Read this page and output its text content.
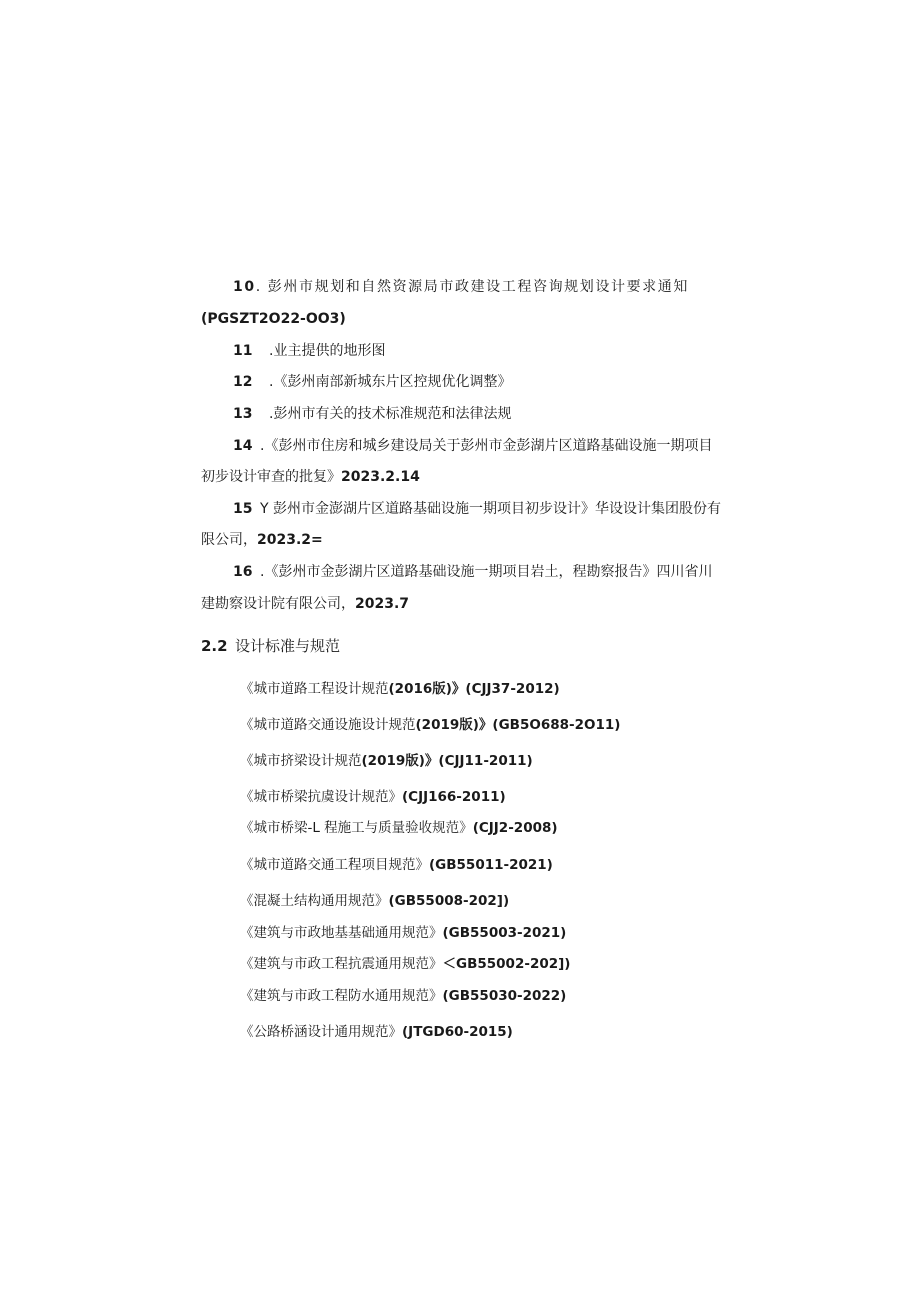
10. 彭州市规划和自然资源局市政建设工程咨询规划设计要求通知
(PGSZT2O22-OO3)
11 .业主提供的地形图
12 .《彭州南部新城东片区控规优化调整》
13 .彭州市有关的技术标准规范和法律法规
14 .《彭州市住房和城乡建设局关于彭州市金彭湖片区道路基础设施一期项目
初步设计审查的批复》2023.2.14
15 Y 彭州市金澎湖片区道路基础设施一期项目初步设计》华设设计集团股份有
限公司，2023.2=
16 .《彭州市金彭湖片区道路基础设施一期项目岩土，程勘察报告》四川省川
建勘察设计院有限公司，2023.7
2.2 设计标准与规范
《城市道路工程设计规范(2016版)》(CJJ37-2012)
《城市道路交通设施设计规范(2019版)》(GB5O688-2O11)
《城市挤梁设计规范(2019版)》(CJJ11-2011)
《城市桥梁抗虞设计规范》(CJJ166-2011)
《城市桥梁-L 程施工与质量验收规范》(CJJ2-2008)
《城市道路交通工程项目规范》(GB55011-2021)
《混凝土结构通用规范》(GB55008-202])
《建筑与市政地基基础通用规范》(GB55003-2021)
《建筑与市政工程抗震通用规范》＜GB55002-202])
《建筑与市政工程防水通用规范》(GB55030-2022)
《公路桥涵设计通用规范》(JTGD60-2015)
